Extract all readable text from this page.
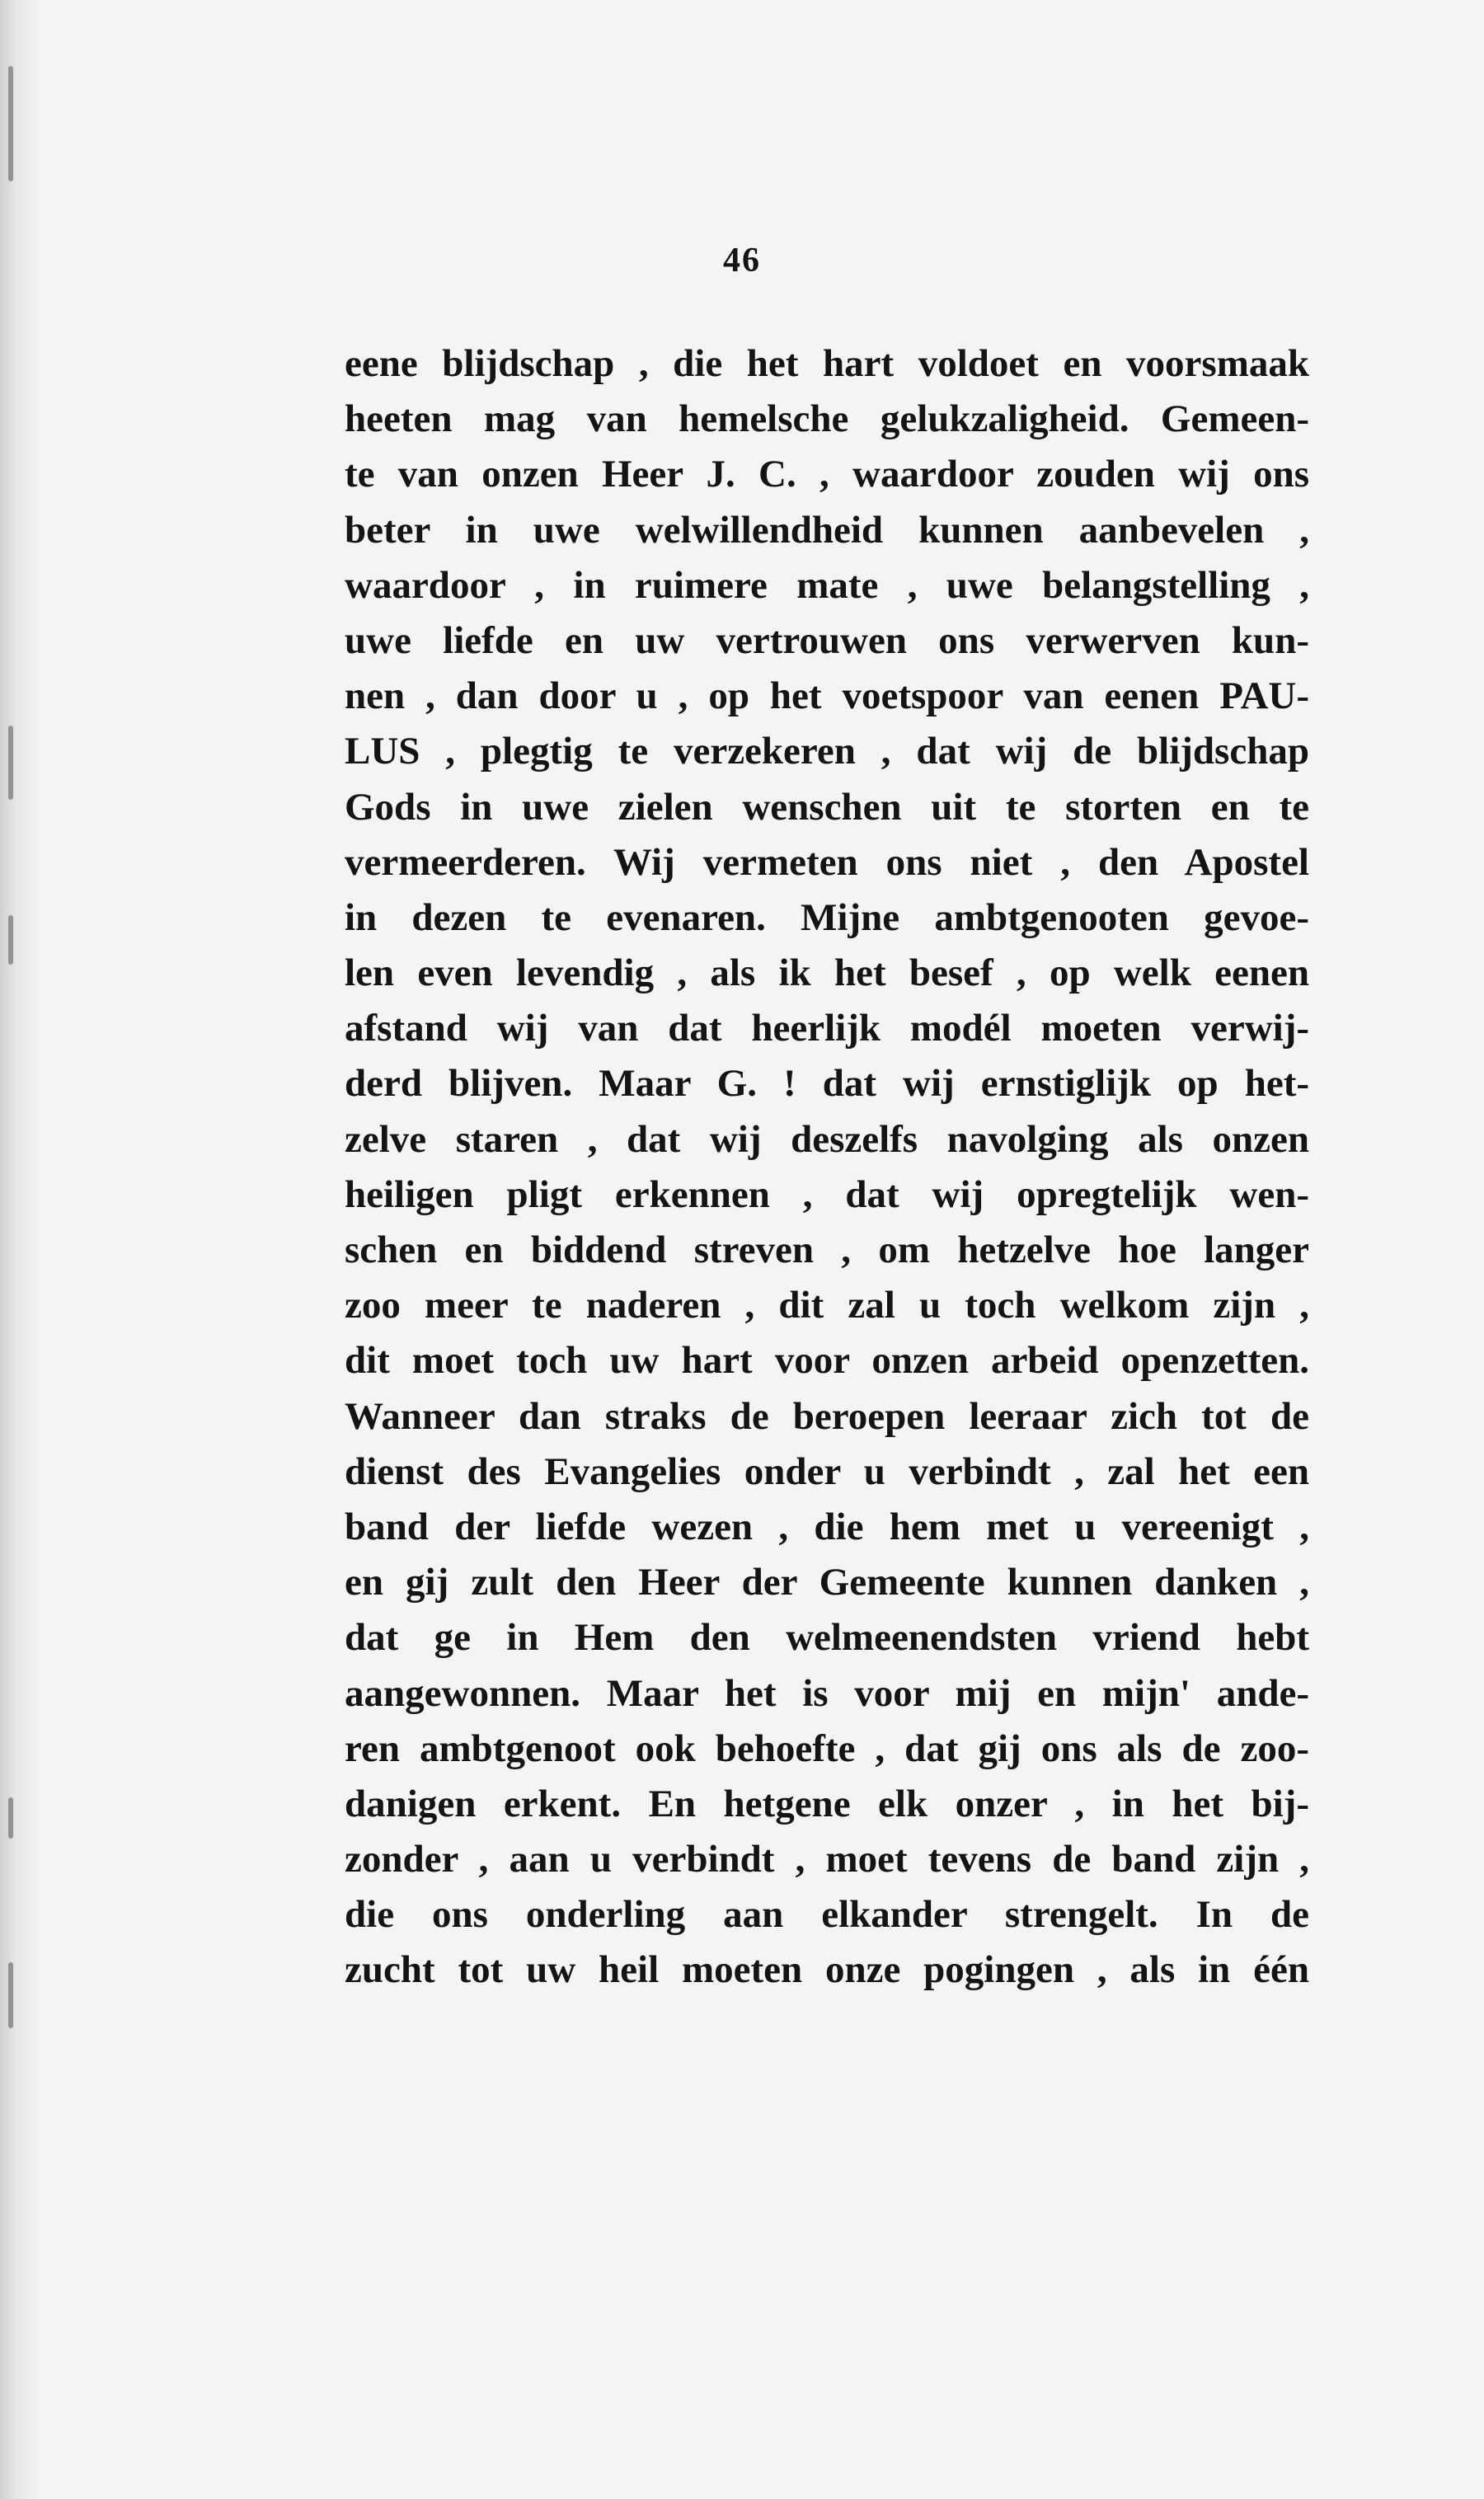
46
eene blijdschap , die het hart voldoet en voorsmaak
heeten mag van hemelsche gelukzaligheid. Gemeen-
te van onzen Heer J. C. , waardoor zouden wij ons
beter in uwe welwillendheid kunnen aanbevelen ,
waardoor , in ruimere mate , uwe belangstelling ,
uwe liefde en uw vertrouwen ons verwerven kun-
nen , dan door u , op het voetspoor van eenen PAU-
LUS , plegtig te verzekeren , dat wij de blijdschap
Gods in uwe zielen wenschen uit te storten en te
vermeerderen. Wij vermeten ons niet , den Apostel
in dezen te evenaren. Mijne ambtgenooten gevoe-
len even levendig , als ik het besef , op welk eenen
afstand wij van dat heerlijk modél moeten verwij-
derd blijven. Maar G. ! dat wij ernstiglijk op het-
zelve staren , dat wij deszelfs navolging als onzen
heiligen pligt erkennen , dat wij opregtelijk wen-
schen en biddend streven , om hetzelve hoe langer
zoo meer te naderen , dit zal u toch welkom zijn ,
dit moet toch uw hart voor onzen arbeid openzetten.
Wanneer dan straks de beroepen leeraar zich tot de
dienst des Evangelies onder u verbindt , zal het een
band der liefde wezen , die hem met u vereenigt ,
en gij zult den Heer der Gemeente kunnen danken ,
dat ge in Hem den welmeenendsten vriend hebt
aangewonnen. Maar het is voor mij en mijn' ande-
ren ambtgenoot ook behoefte , dat gij ons als de zoo-
danigen erkent. En hetgene elk onzer , in het bij-
zonder , aan u verbindt , moet tevens de band zijn ,
die ons onderling aan elkander strengelt. In de
zucht tot uw heil moeten onze pogingen , als in één
